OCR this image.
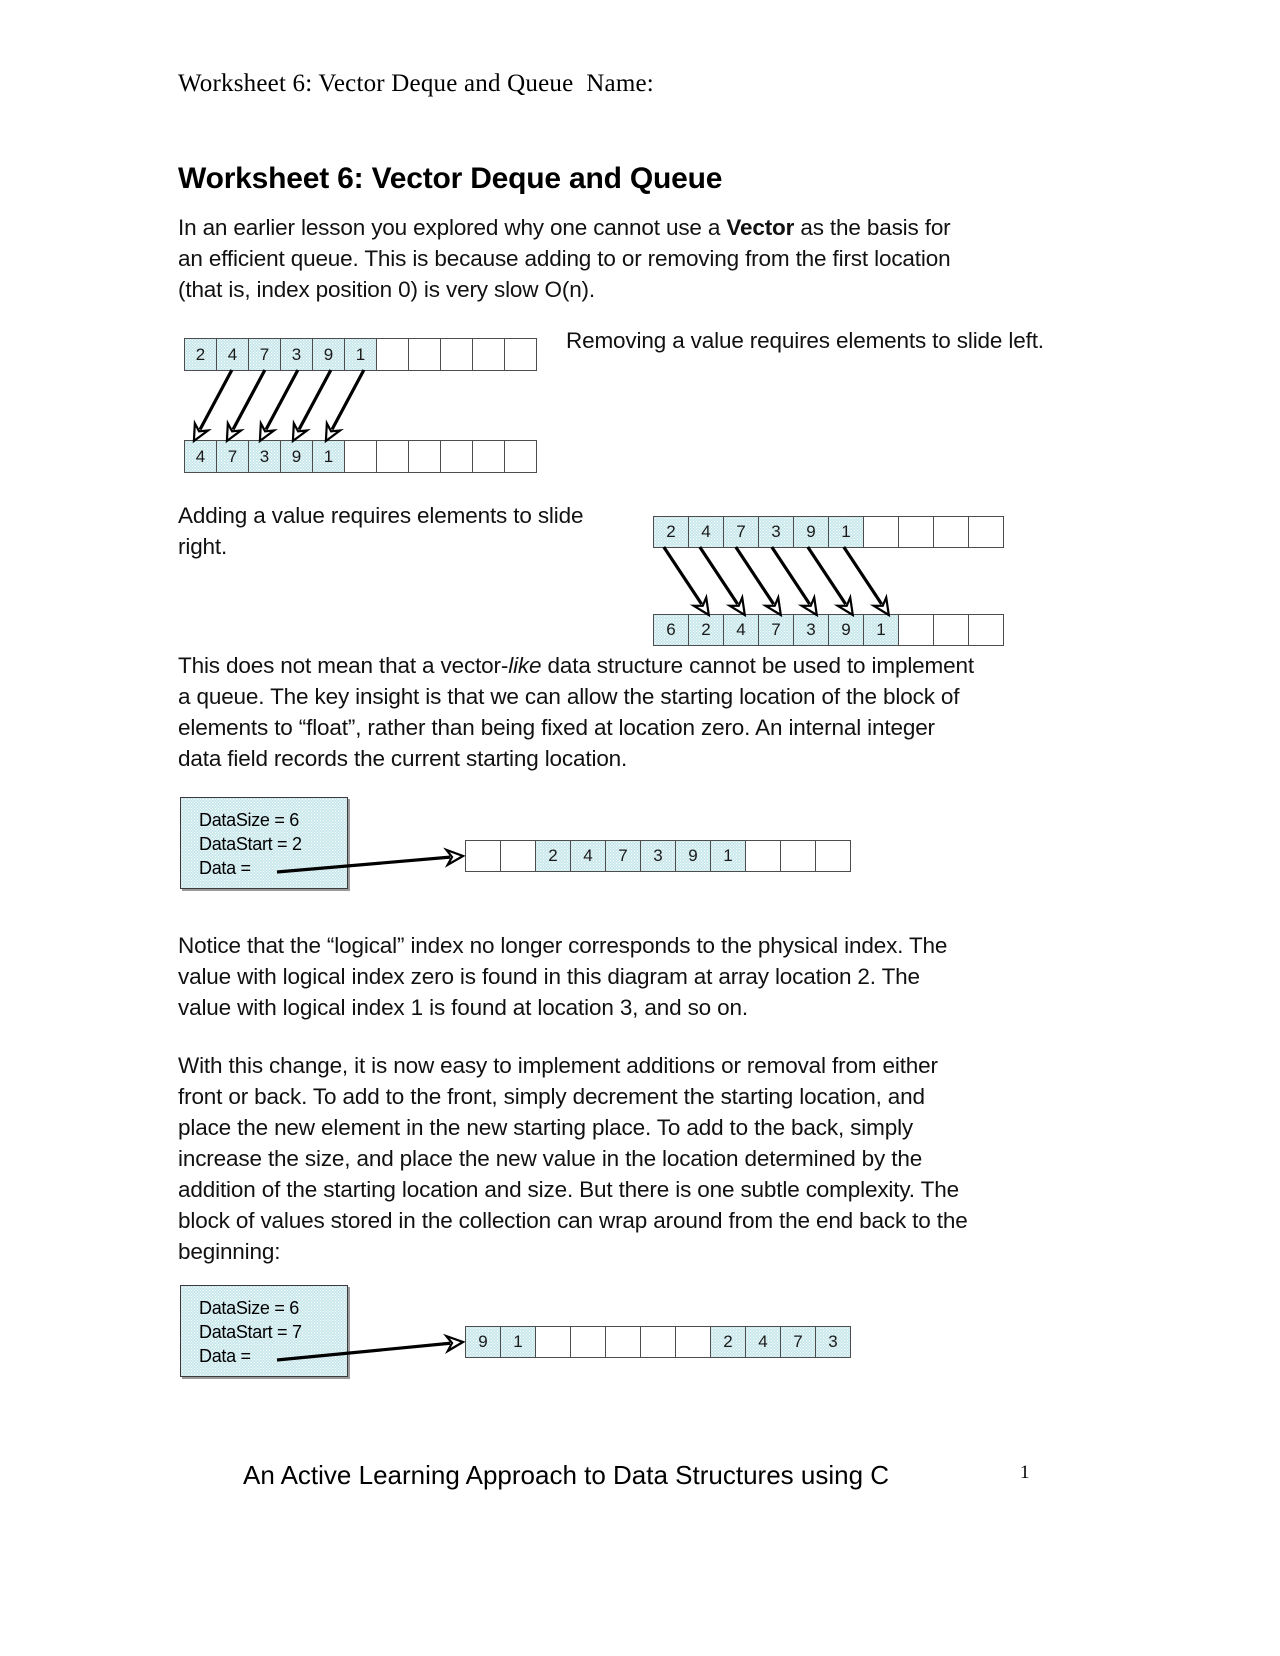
Worksheet 6: Vector Deque and Queue  Name:
Worksheet 6: Vector Deque and Queue
In an earlier lesson you explored why one cannot use a Vector as the basis for
an efficient queue. This is because adding to or removing from the first location
(that is, index position 0) is very slow O(n).
2	4	7	3	9	1
4	7	3	9	1
Removing a value requires elements to slide left.
Adding a value requires elements to slide right.
2	4	7	3	9	1
6	2	4	7	3	9	1
This does not mean that a vector-like data structure cannot be used to implement
a queue. The key insight is that we can allow the starting location of the block of
elements to “float”, rather than being fixed at location zero. An internal integer
data field records the current starting location.
DataSize = 6
DataStart = 2
Data =
2	4	7	3	9	1
Notice that the “logical” index no longer corresponds to the physical index. The
value with logical index zero is found in this diagram at array location 2. The
value with logical index 1 is found at location 3, and so on.
With this change, it is now easy to implement additions or removal from either
front or back. To add to the front, simply decrement the starting location, and
place the new element in the new starting place. To add to the back, simply
increase the size, and place the new value in the location determined by the
addition of the starting location and size. But there is one subtle complexity. The
block of values stored in the collection can wrap around from the end back to the
beginning:
DataSize = 6
DataStart = 7
Data =
9	1	2	4	7	3
An Active Learning Approach to Data Structures using C	1
